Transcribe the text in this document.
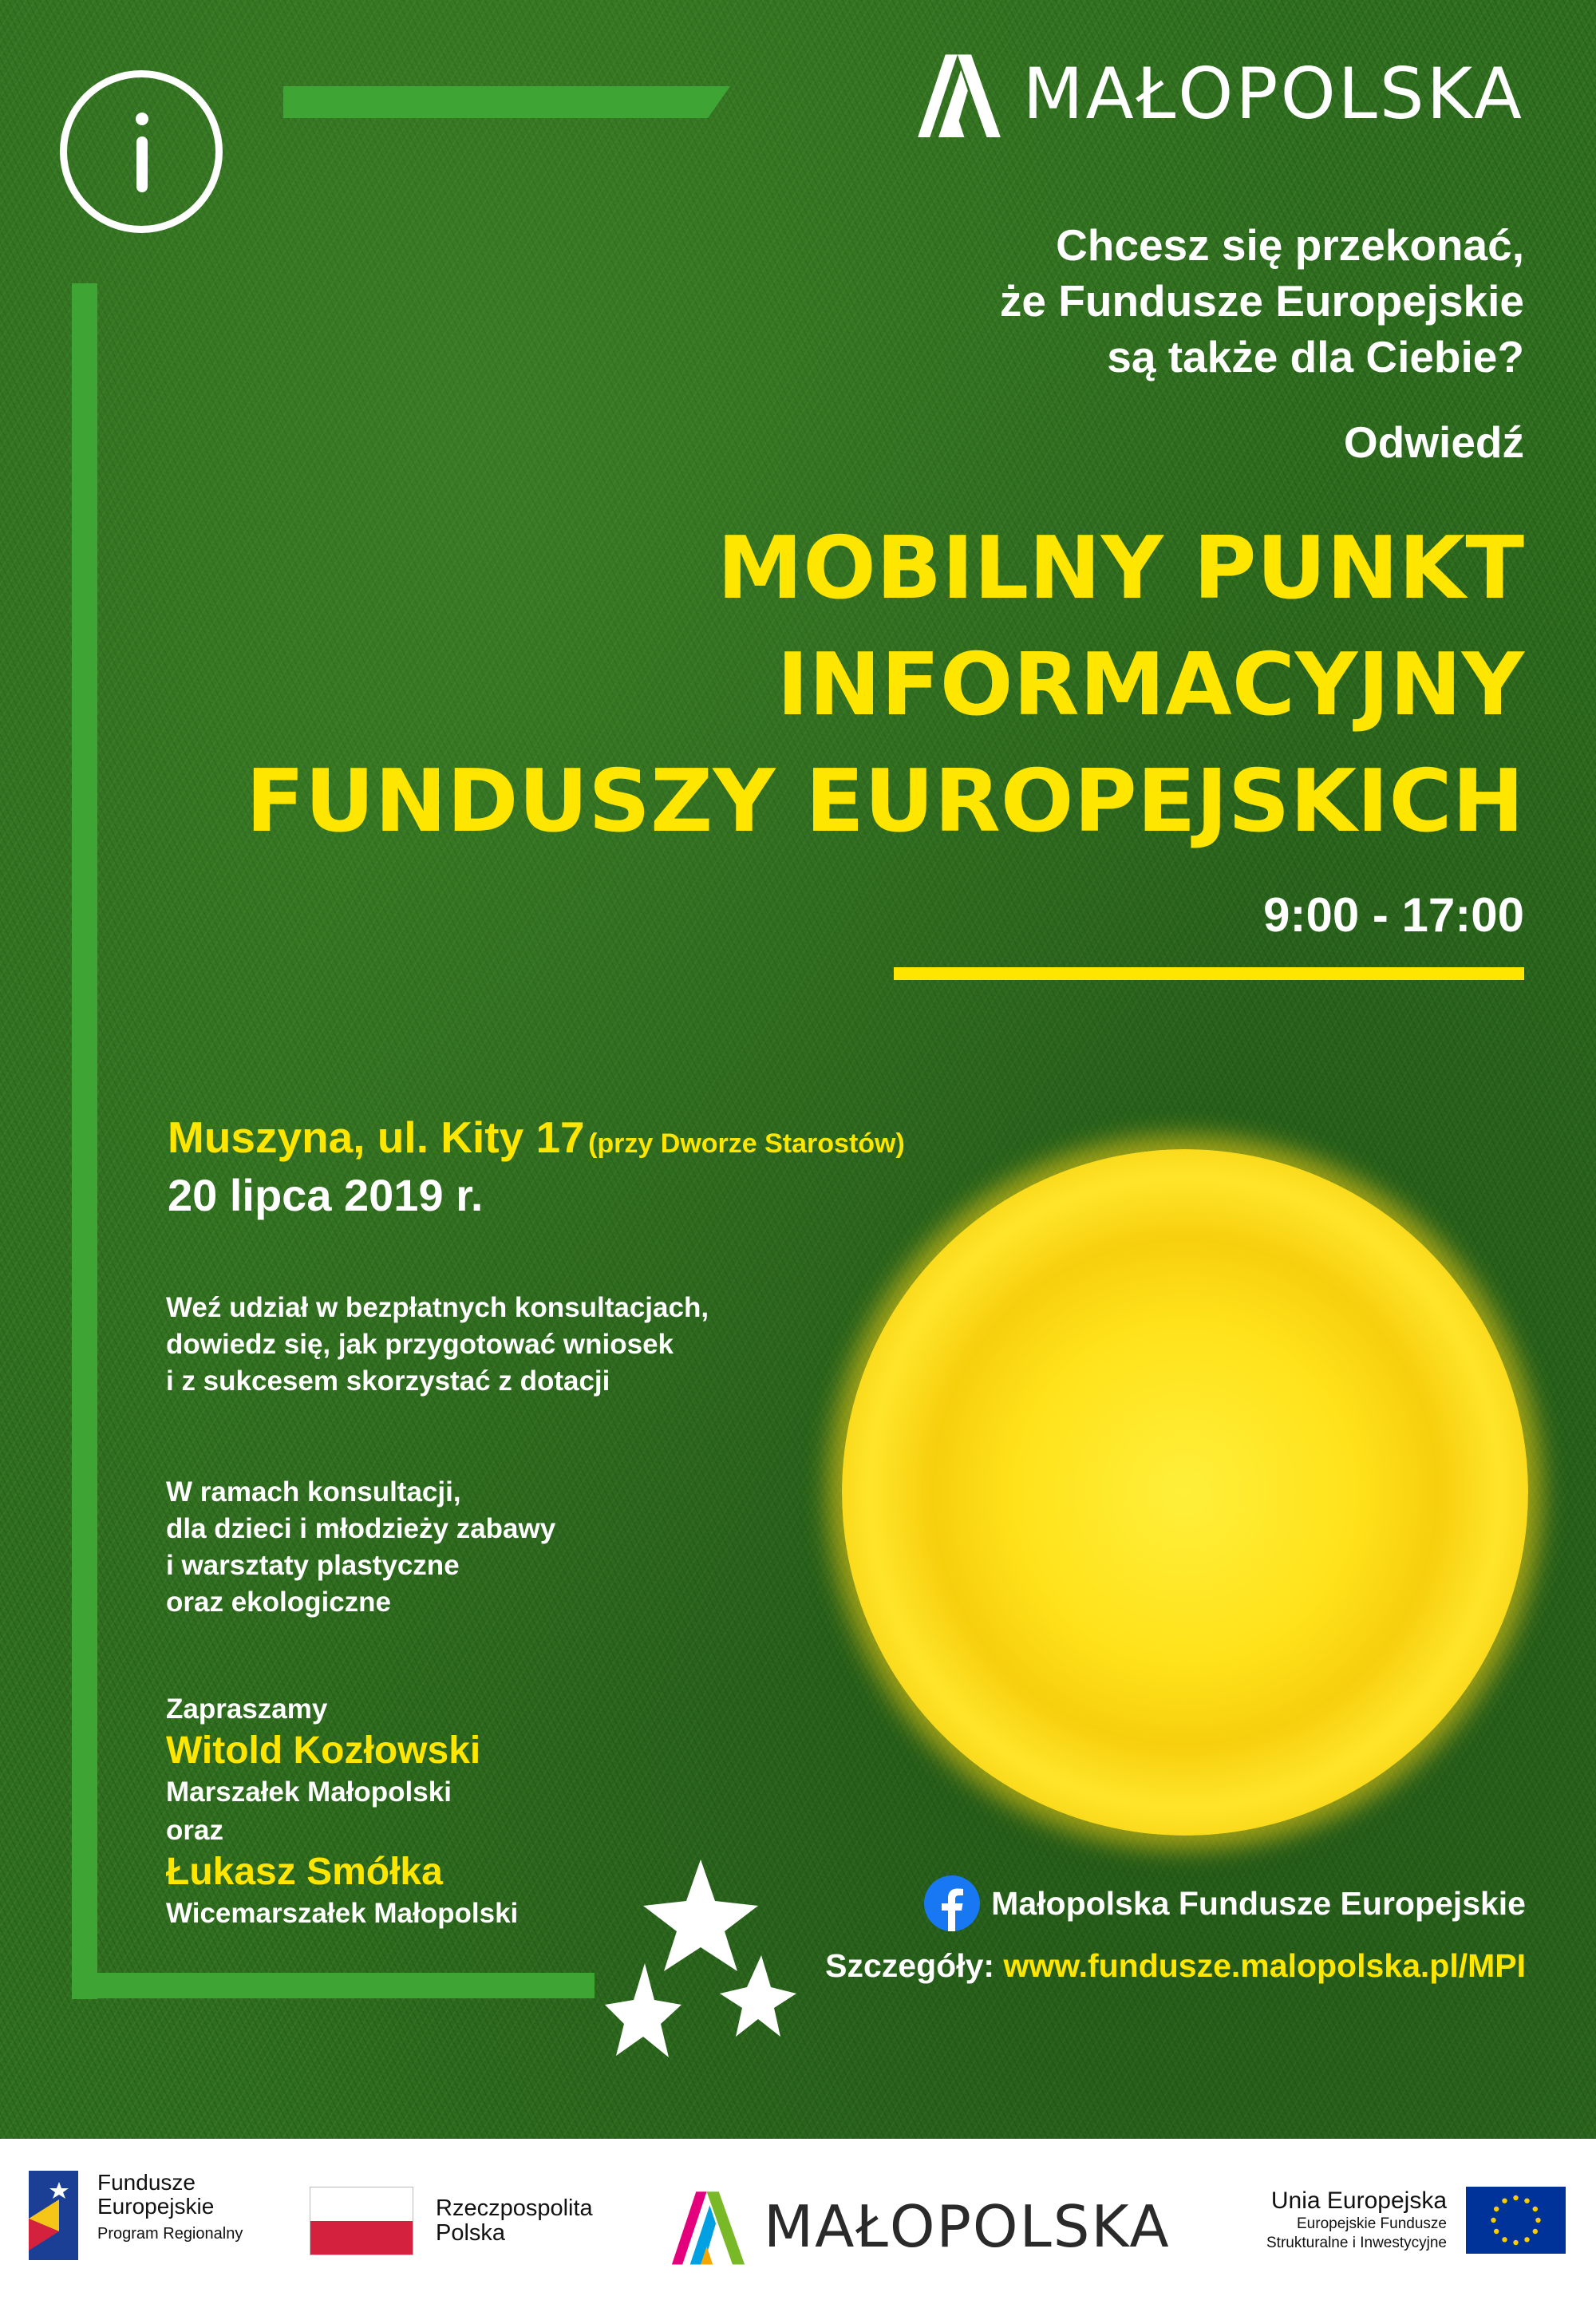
MAŁOPOLSKA
Chcesz się przekonać,
że Fundusze Europejskie
są także dla Ciebie?
Odwiedź
MOBILNY PUNKT
INFORMACYJNY
FUNDUSZY EUROPEJSKICH
9:00 - 17:00
Muszyna, ul. Kity 17 (przy Dworze Starostów)
20 lipca 2019 r.
Weź udział w bezpłatnych konsultacjach,
dowiedz się, jak przygotować wniosek
i z sukcesem skorzystać z dotacji
W ramach konsultacji,
dla dzieci i młodzieży zabawy
i warsztaty plastyczne
oraz ekologiczne
Zapraszamy
Witold Kozłowski
Marszałek Małopolski
oraz
Łukasz Smółka
Wicemarszałek Małopolski	Małopolska Fundusze Europejskie
Szczegóły: www.fundusze.malopolska.pl/MPI
Fundusze
Europejskie
Program Regionalny
Rzeczpospolita
Polska	MAŁOPOLSKA	Unia Europejska
Europejskie Fundusze
Strukturalne i Inwestycyjne
